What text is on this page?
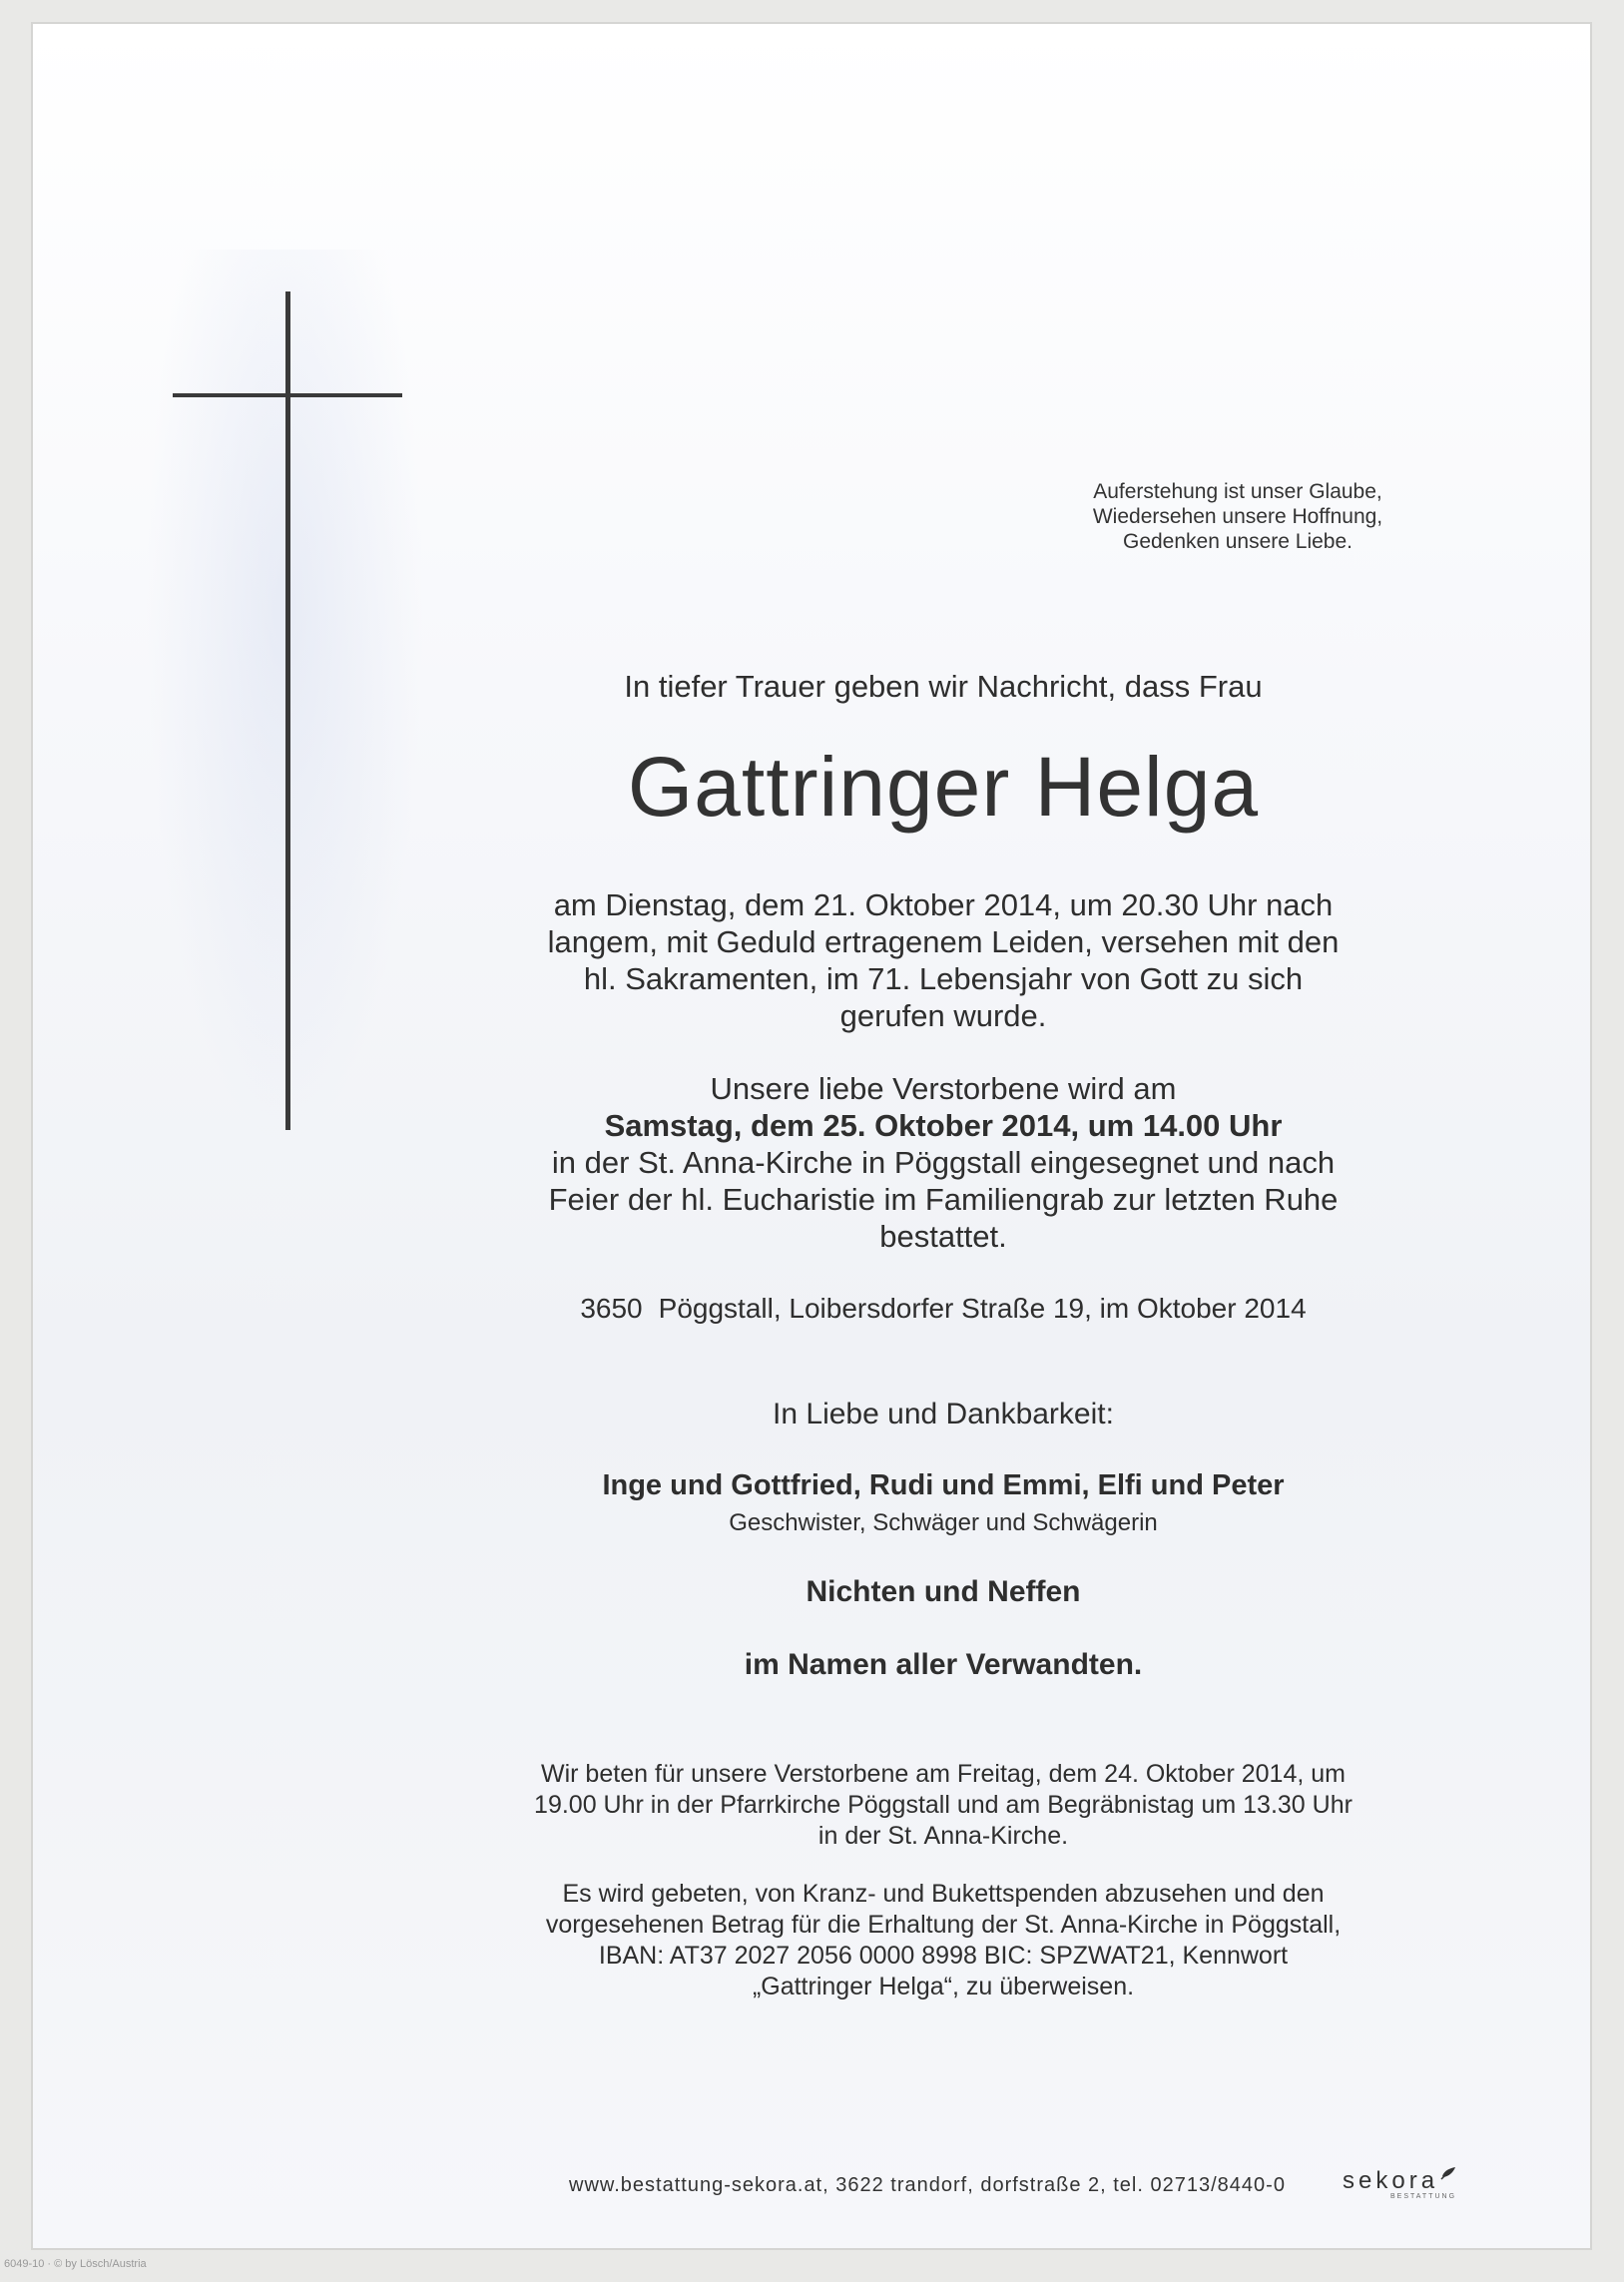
Auferstehung ist unser Glaube,
Wiedersehen unsere Hoffnung,
Gedenken unsere Liebe.
In tiefer Trauer geben wir Nachricht, dass Frau
Gattringer Helga
am Dienstag, dem 21. Oktober 2014, um 20.30 Uhr nach
langem, mit Geduld ertragenem Leiden, versehen mit den
hl. Sakramenten, im 71. Lebensjahr von Gott zu sich
gerufen wurde.
Unsere liebe Verstorbene wird am
Samstag, dem 25. Oktober 2014, um 14.00 Uhr
in der St. Anna-Kirche in Pöggstall eingesegnet und nach
Feier der hl. Eucharistie im Familiengrab zur letzten Ruhe
bestattet.
3650 Pöggstall, Loibersdorfer Straße 19, im Oktober 2014
In Liebe und Dankbarkeit:
Inge und Gottfried, Rudi und Emmi, Elfi und Peter
Geschwister, Schwäger und Schwägerin
Nichten und Neffen
im Namen aller Verwandten.
Wir beten für unsere Verstorbene am Freitag, dem 24. Oktober 2014, um
19.00 Uhr in der Pfarrkirche Pöggstall und am Begräbnistag um 13.30 Uhr
in der St. Anna-Kirche.
Es wird gebeten, von Kranz- und Bukettspenden abzusehen und den
vorgesehenen Betrag für die Erhaltung der St. Anna-Kirche in Pöggstall,
IBAN: AT37 2027 2056 0000 8998 BIC: SPZWAT21, Kennwort
„Gattringer Helga“, zu überweisen.
www.bestattung-sekora.at, 3622 trandorf, dorfstraße 2, tel. 02713/8440-0 sekora
BESTATTUNG
6049-10 · © by Lösch/Austria
